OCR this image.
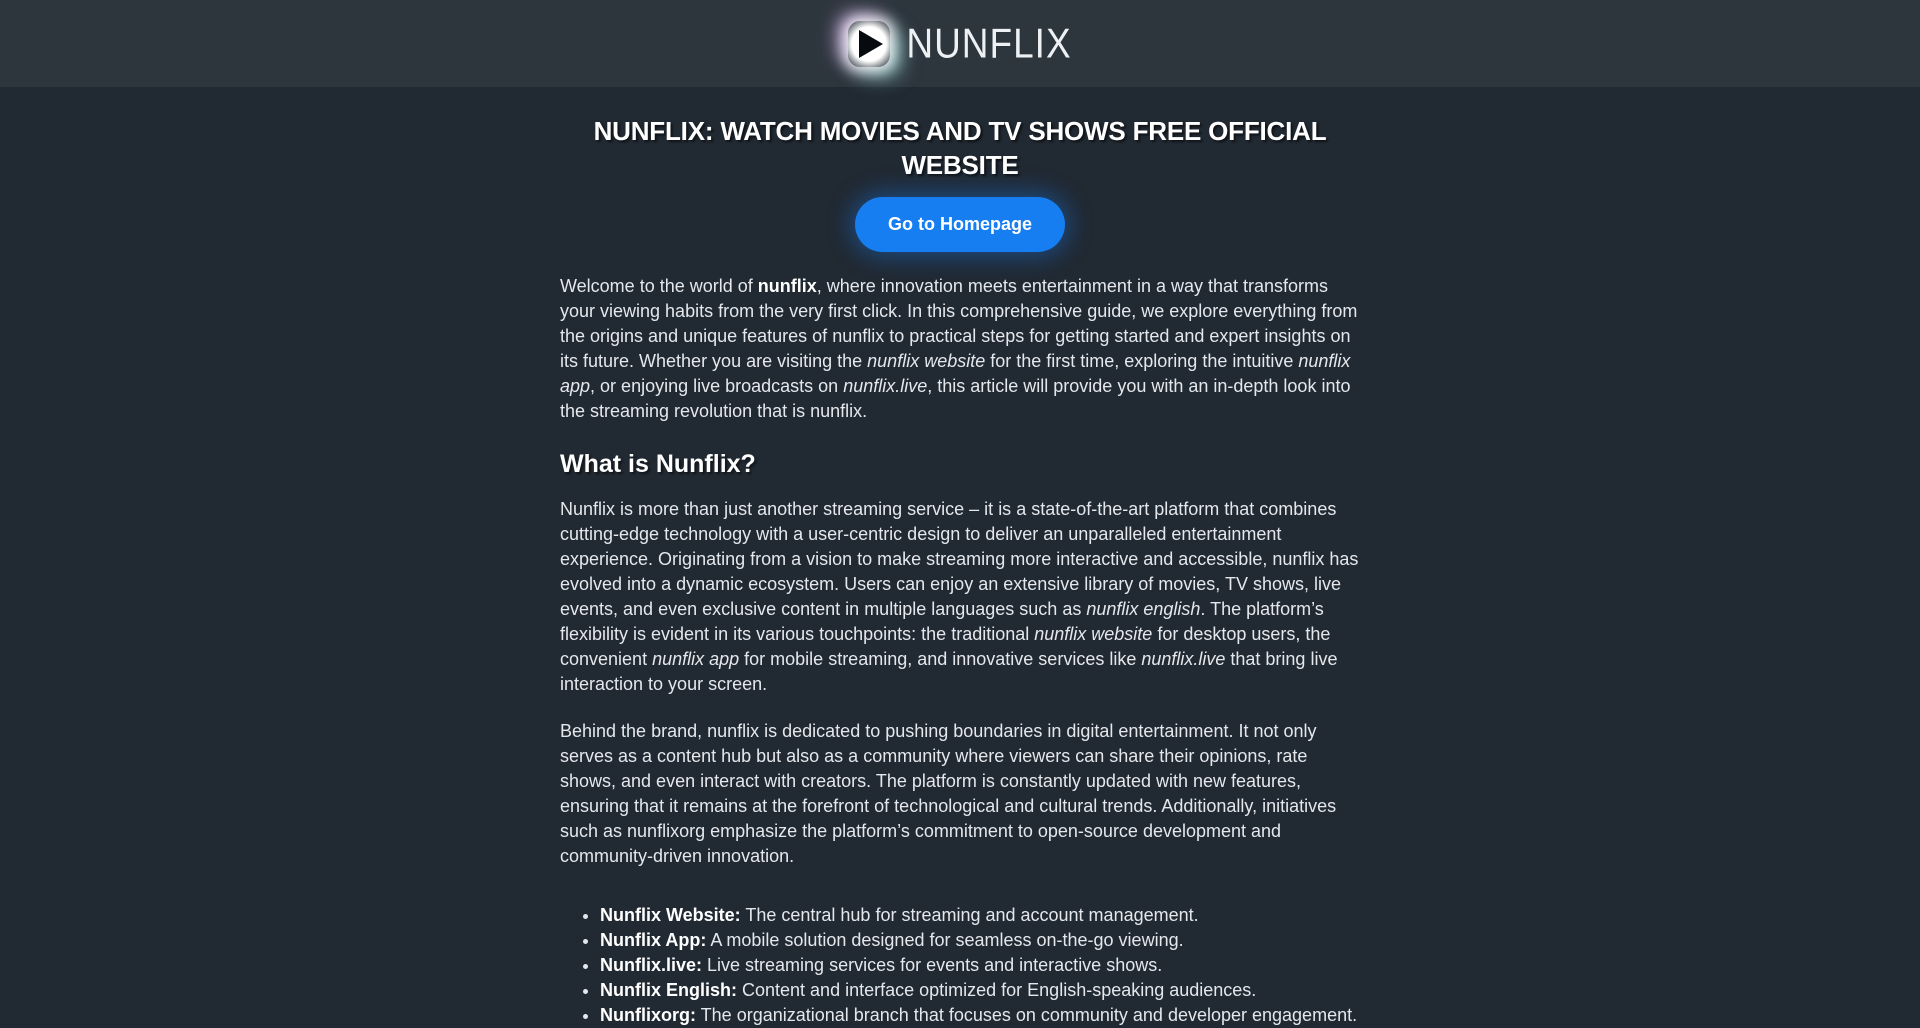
NUNFLIX
NUNFLIX: WATCH MOVIES AND TV SHOWS FREE OFFICIAL WEBSITE
Go to Homepage

Welcome to the world of nunflix, where innovation meets entertainment in a way that transforms your viewing habits from the very first click. In this comprehensive guide, we explore everything from the origins and unique features of nunflix to practical steps for getting started and expert insights on its future. Whether you are visiting the nunflix website for the first time, exploring the intuitive nunflix app, or enjoying live broadcasts on nunflix.live, this article will provide you with an in-depth look into the streaming revolution that is nunflix.

What is Nunflix?

Nunflix is more than just another streaming service – it is a state-of-the-art platform that combines cutting-edge technology with a user-centric design to deliver an unparalleled entertainment experience. Originating from a vision to make streaming more interactive and accessible, nunflix has evolved into a dynamic ecosystem. Users can enjoy an extensive library of movies, TV shows, live events, and even exclusive content in multiple languages such as nunflix english. The platform’s flexibility is evident in its various touchpoints: the traditional nunflix website for desktop users, the convenient nunflix app for mobile streaming, and innovative services like nunflix.live that bring live interaction to your screen.

Behind the brand, nunflix is dedicated to pushing boundaries in digital entertainment. It not only serves as a content hub but also as a community where viewers can share their opinions, rate shows, and even interact with creators. The platform is constantly updated with new features, ensuring that it remains at the forefront of technological and cultural trends. Additionally, initiatives such as nunflixorg emphasize the platform’s commitment to open-source development and community-driven innovation.

• Nunflix Website: The central hub for streaming and account management.
• Nunflix App: A mobile solution designed for seamless on-the-go viewing.
• Nunflix.live: Live streaming services for events and interactive shows.
• Nunflix English: Content and interface optimized for English-speaking audiences.
• Nunflixorg: The organizational branch that focuses on community and developer engagement.
